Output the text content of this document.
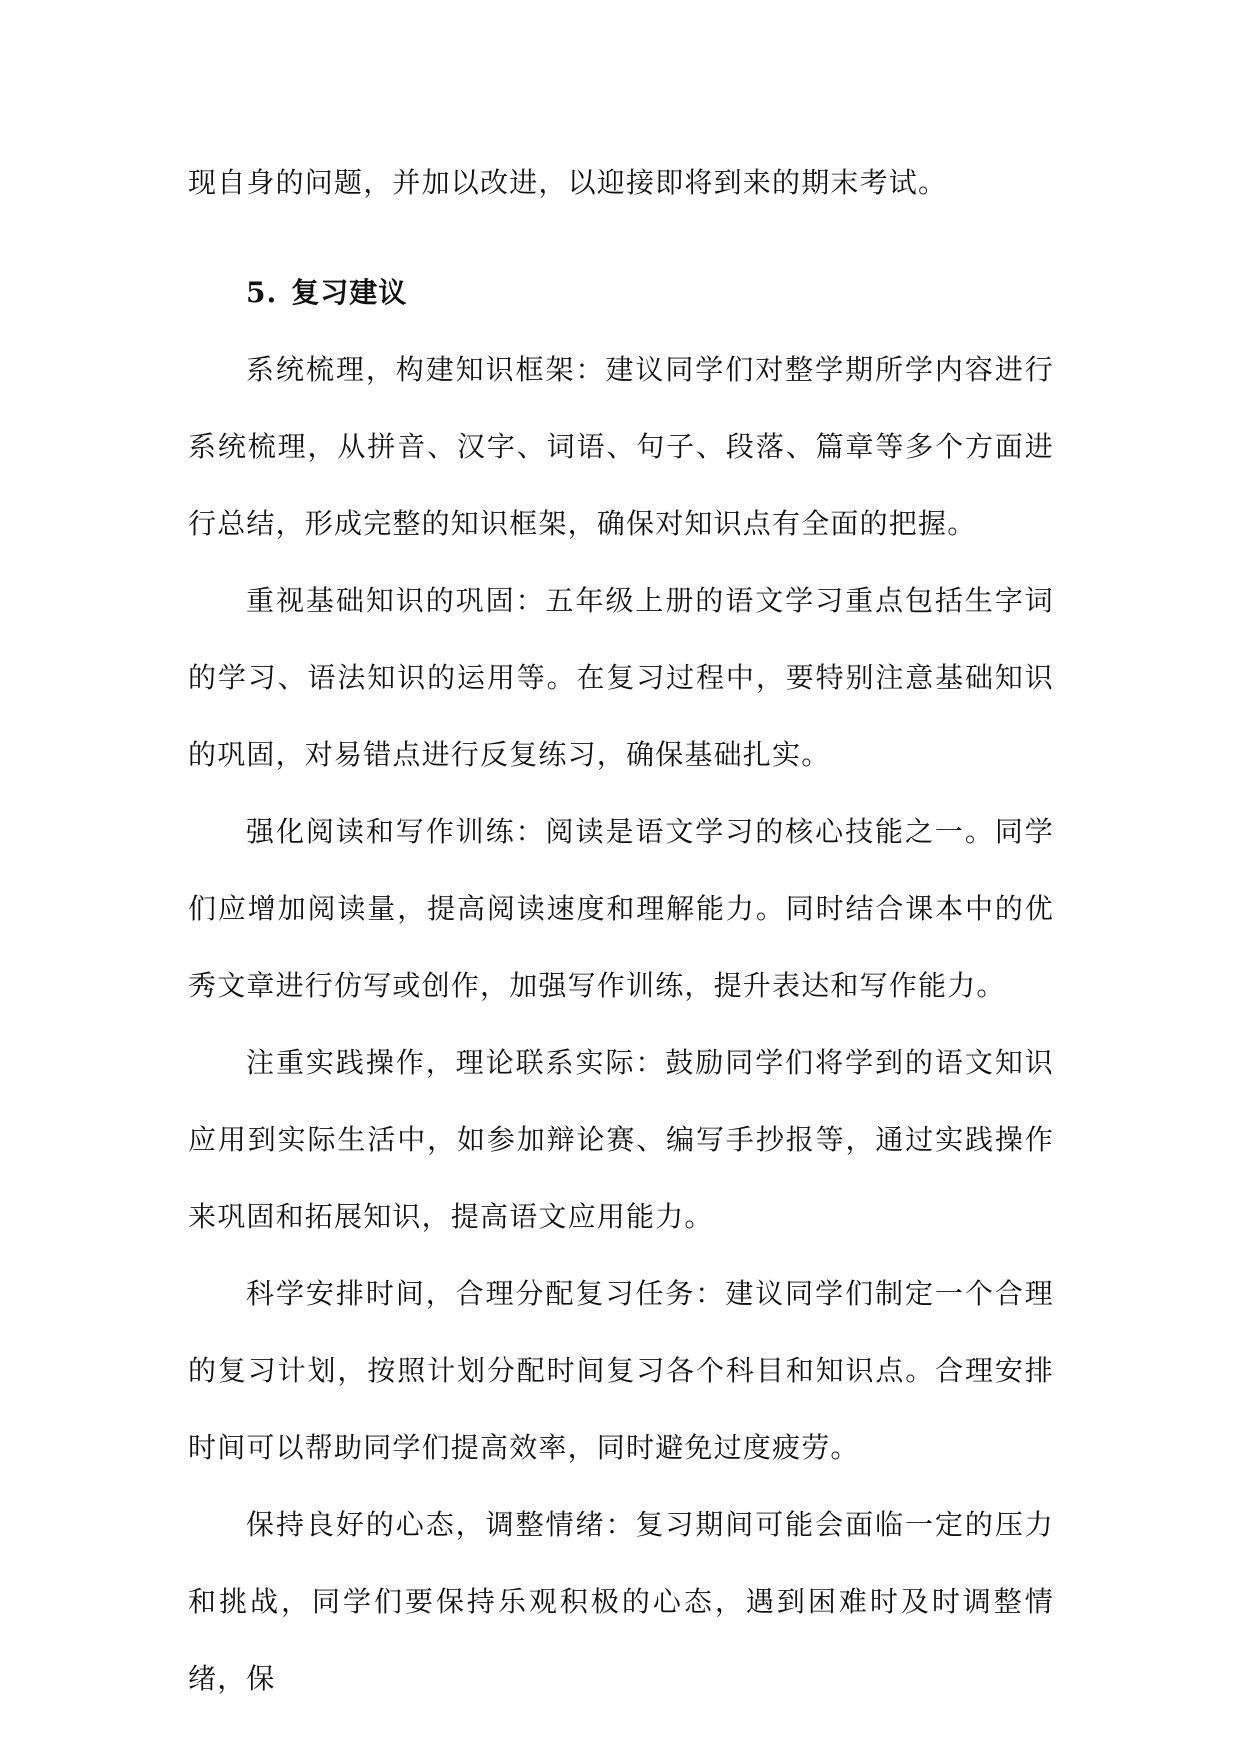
现自身的问题，并加以改进，以迎接即将到来的期末考试。

5. 复习建议

系统梳理，构建知识框架：建议同学们对整学期所学内容进行系统梳理，从拼音、汉字、词语、句子、段落、篇章等多个方面进行总结，形成完整的知识框架，确保对知识点有全面的把握。

重视基础知识的巩固：五年级上册的语文学习重点包括生字词的学习、语法知识的运用等。在复习过程中，要特别注意基础知识的巩固，对易错点进行反复练习，确保基础扎实。

强化阅读和写作训练：阅读是语文学习的核心技能之一。同学们应增加阅读量，提高阅读速度和理解能力。同时结合课本中的优秀文章进行仿写或创作，加强写作训练，提升表达和写作能力。

注重实践操作，理论联系实际：鼓励同学们将学到的语文知识应用到实际生活中，如参加辩论赛、编写手抄报等，通过实践操作来巩固和拓展知识，提高语文应用能力。

科学安排时间，合理分配复习任务：建议同学们制定一个合理的复习计划，按照计划分配时间复习各个科目和知识点。合理安排时间可以帮助同学们提高效率，同时避免过度疲劳。

保持良好的心态，调整情绪：复习期间可能会面临一定的压力和挑战，同学们要保持乐观积极的心态，遇到困难时及时调整情绪，保
